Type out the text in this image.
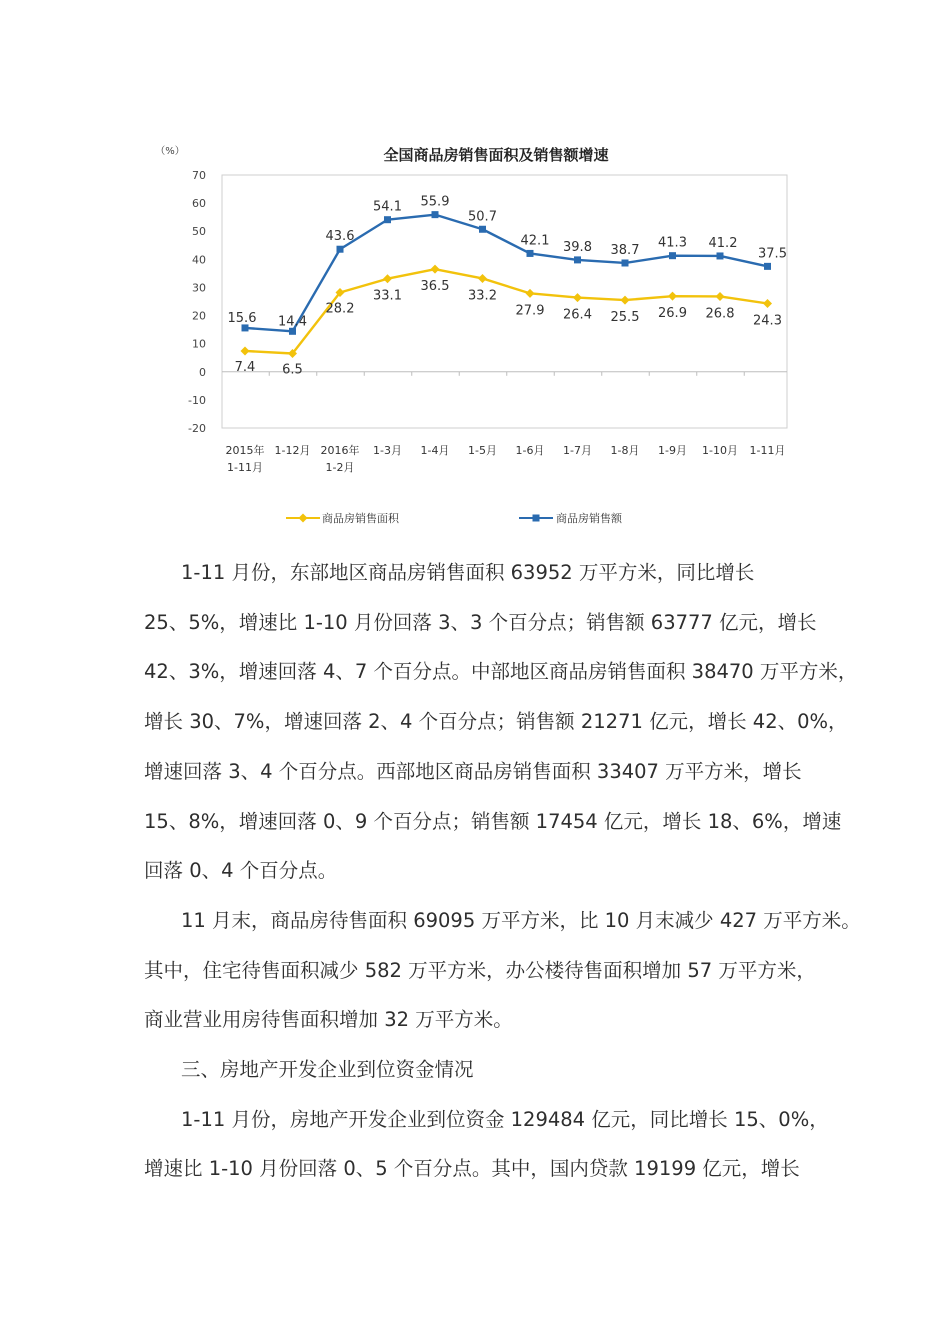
全国商品房销售面积及销售额增速
（%）
70
60
50
40
30
20
10
0
-10
-20
2015年
1-11月
1-12月 2016年
1-2月
1-3月 1-4月 1-5月 1-6月 1-7月 1-8月 1-9月 1-10月 1-11月
7.4 6.5
28.2
33.1
36.5
33.2
27.9 26.4 25.5 26.9 26.8 24.3
15.6 14.4
43.6
54.1 55.9
50.7
42.1 39.8 38.7 41.3 41.2
37.5
商品房销售面积	商品房销售额
1-11 月份，东部地区商品房销售面积 63952 万平方米，同比增长
25、5%，增速比 1-10 月份回落 3、3 个百分点；销售额 63777 亿元，增长
42、3%，增速回落 4、7 个百分点。中部地区商品房销售面积 38470 万平方米，
增长 30、7%，增速回落 2、4 个百分点；销售额 21271 亿元，增长 42、0%，
增速回落 3、4 个百分点。西部地区商品房销售面积 33407 万平方米，增长
15、8%，增速回落 0、9 个百分点；销售额 17454 亿元，增长 18、6%，增速
回落 0、4 个百分点。
11 月末，商品房待售面积 69095 万平方米，比 10 月末减少 427 万平方米。
其中，住宅待售面积减少 582 万平方米，办公楼待售面积增加 57 万平方米，
商业营业用房待售面积增加 32 万平方米。
三、房地产开发企业到位资金情况
1-11 月份，房地产开发企业到位资金 129484 亿元，同比增长 15、0%，
增速比 1-10 月份回落 0、5 个百分点。其中，国内贷款 19199 亿元，增长
